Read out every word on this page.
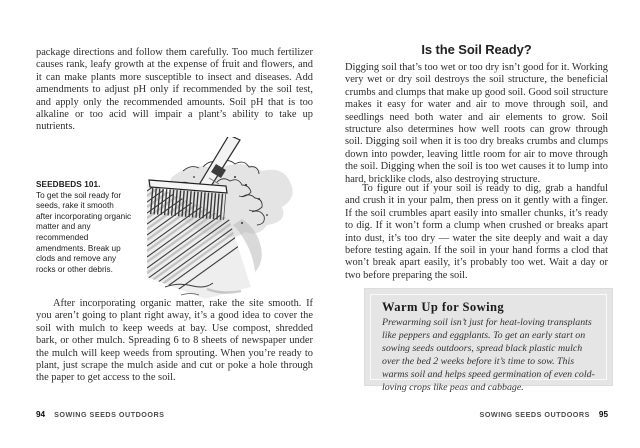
package directions and follow them carefully. Too much fertilizer causes rank, leafy growth at the expense of fruit and flowers, and it can make plants more susceptible to insect and diseases. Add amendments to adjust pH only if recommended by the soil test, and apply only the recommended amounts. Soil pH that is too alkaline or too acid will impair a plant’s ability to take up nutrients.

SEEDBEDS 101.
To get the soil ready for seeds, rake it smooth after incorporating organic matter and any recommended amendments. Break up clods and remove any rocks or other debris.

After incorporating organic matter, rake the site smooth. If you aren’t going to plant right away, it’s a good idea to cover the soil with mulch to keep weeds at bay. Use compost, shredded bark, or other mulch. Spreading 6 to 8 sheets of newspaper under the mulch will keep weeds from sprouting. When you’re ready to plant, just scrape the mulch aside and cut or poke a hole through the paper to get access to the soil.

94 SOWING SEEDS OUTDOORS
Is the Soil Ready?

Digging soil that’s too wet or too dry isn’t good for it. Working very wet or dry soil destroys the soil structure, the beneficial crumbs and clumps that make up good soil. Good soil structure makes it easy for water and air to move through soil, and seedlings need both water and air elements to grow. Soil structure also determines how well roots can grow through soil. Digging soil when it is too dry breaks crumbs and clumps down into powder, leaving little room for air to move through the soil. Digging when the soil is too wet causes it to lump into hard, bricklike clods, also destroying structure.

To figure out if your soil is ready to dig, grab a handful and crush it in your palm, then press on it gently with a finger. If the soil crumbles apart easily into smaller chunks, it’s ready to dig. If it won’t form a clump when crushed or breaks apart into dust, it’s too dry — water the site deeply and wait a day before testing again. If the soil in your hand forms a clod that won’t break apart easily, it’s probably too wet. Wait a day or two before preparing the soil.

Warm Up for Sowing
Prewarming soil isn’t just for heat-loving transplants like peppers and eggplants. To get an early start on sowing seeds outdoors, spread black plastic mulch over the bed 2 weeks before it’s time to sow. This warms soil and helps speed germination of even cold-loving crops like peas and cabbage.
SOWING SEEDS OUTDOORS 95
